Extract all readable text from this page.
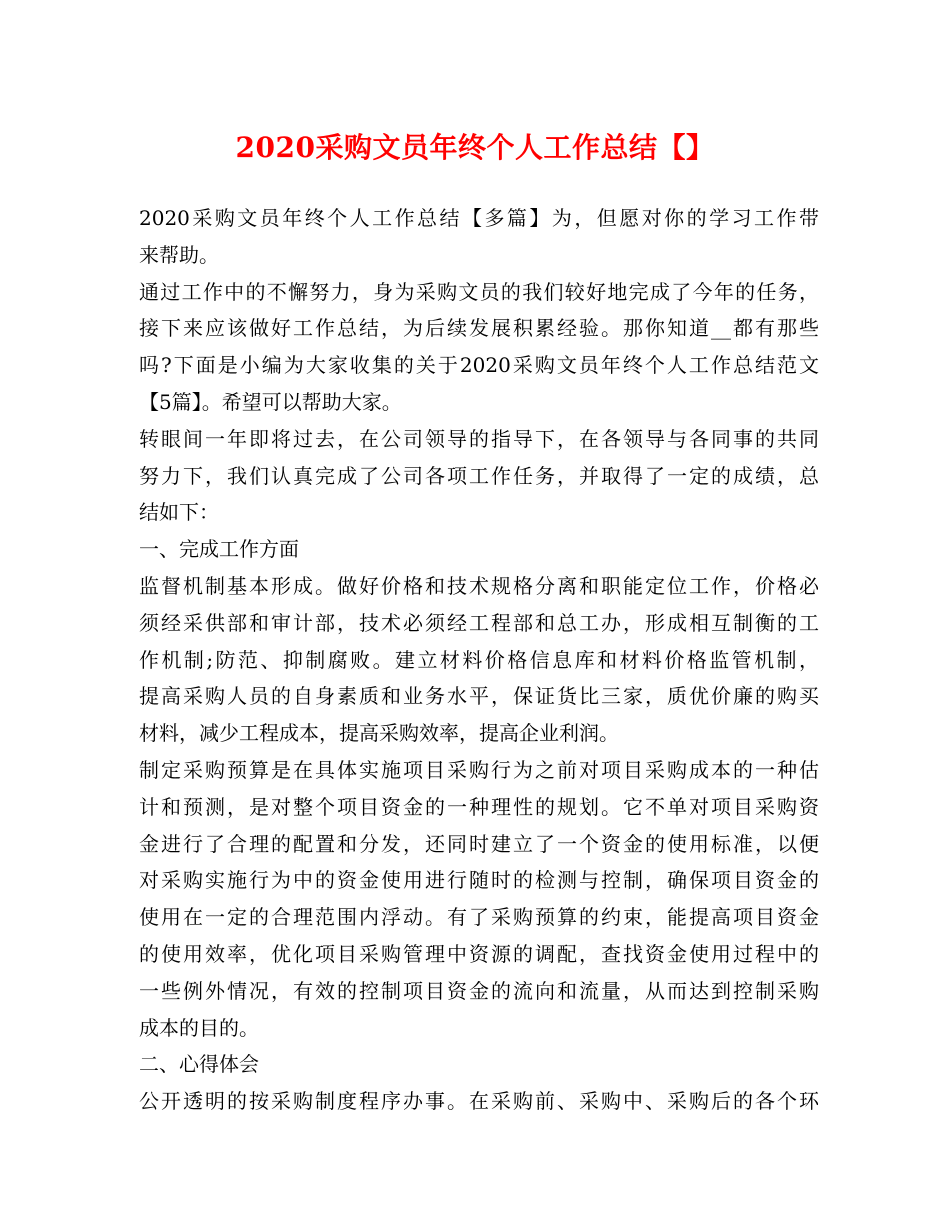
2020采购文员年终个人工作总结【】
2020采购文员年终个人工作总结【多篇】为，但愿对你的学习工作带
来帮助。
通过工作中的不懈努力，身为采购文员的我们较好地完成了今年的任务，
接下来应该做好工作总结，为后续发展积累经验。那你知道__都有那些
吗?下面是小编为大家收集的关于2020采购文员年终个人工作总结范文
【5篇】。希望可以帮助大家。
转眼间一年即将过去，在公司领导的指导下，在各领导与各同事的共同
努力下，我们认真完成了公司各项工作任务，并取得了一定的成绩，总
结如下：
一、完成工作方面
监督机制基本形成。做好价格和技术规格分离和职能定位工作，价格必
须经采供部和审计部，技术必须经工程部和总工办，形成相互制衡的工
作机制;防范、抑制腐败。建立材料价格信息库和材料价格监管机制，
提高采购人员的自身素质和业务水平，保证货比三家，质优价廉的购买
材料，减少工程成本，提高采购效率，提高企业利润。
制定采购预算是在具体实施项目采购行为之前对项目采购成本的一种估
计和预测，是对整个项目资金的一种理性的规划。它不单对项目采购资
金进行了合理的配置和分发，还同时建立了一个资金的使用标准，以便
对采购实施行为中的资金使用进行随时的检测与控制，确保项目资金的
使用在一定的合理范围内浮动。有了采购预算的约束，能提高项目资金
的使用效率，优化项目采购管理中资源的调配，查找资金使用过程中的
一些例外情况，有效的控制项目资金的流向和流量，从而达到控制采购
成本的目的。
二、心得体会
公开透明的按采购制度程序办事。在采购前、采购中、采购后的各个环
